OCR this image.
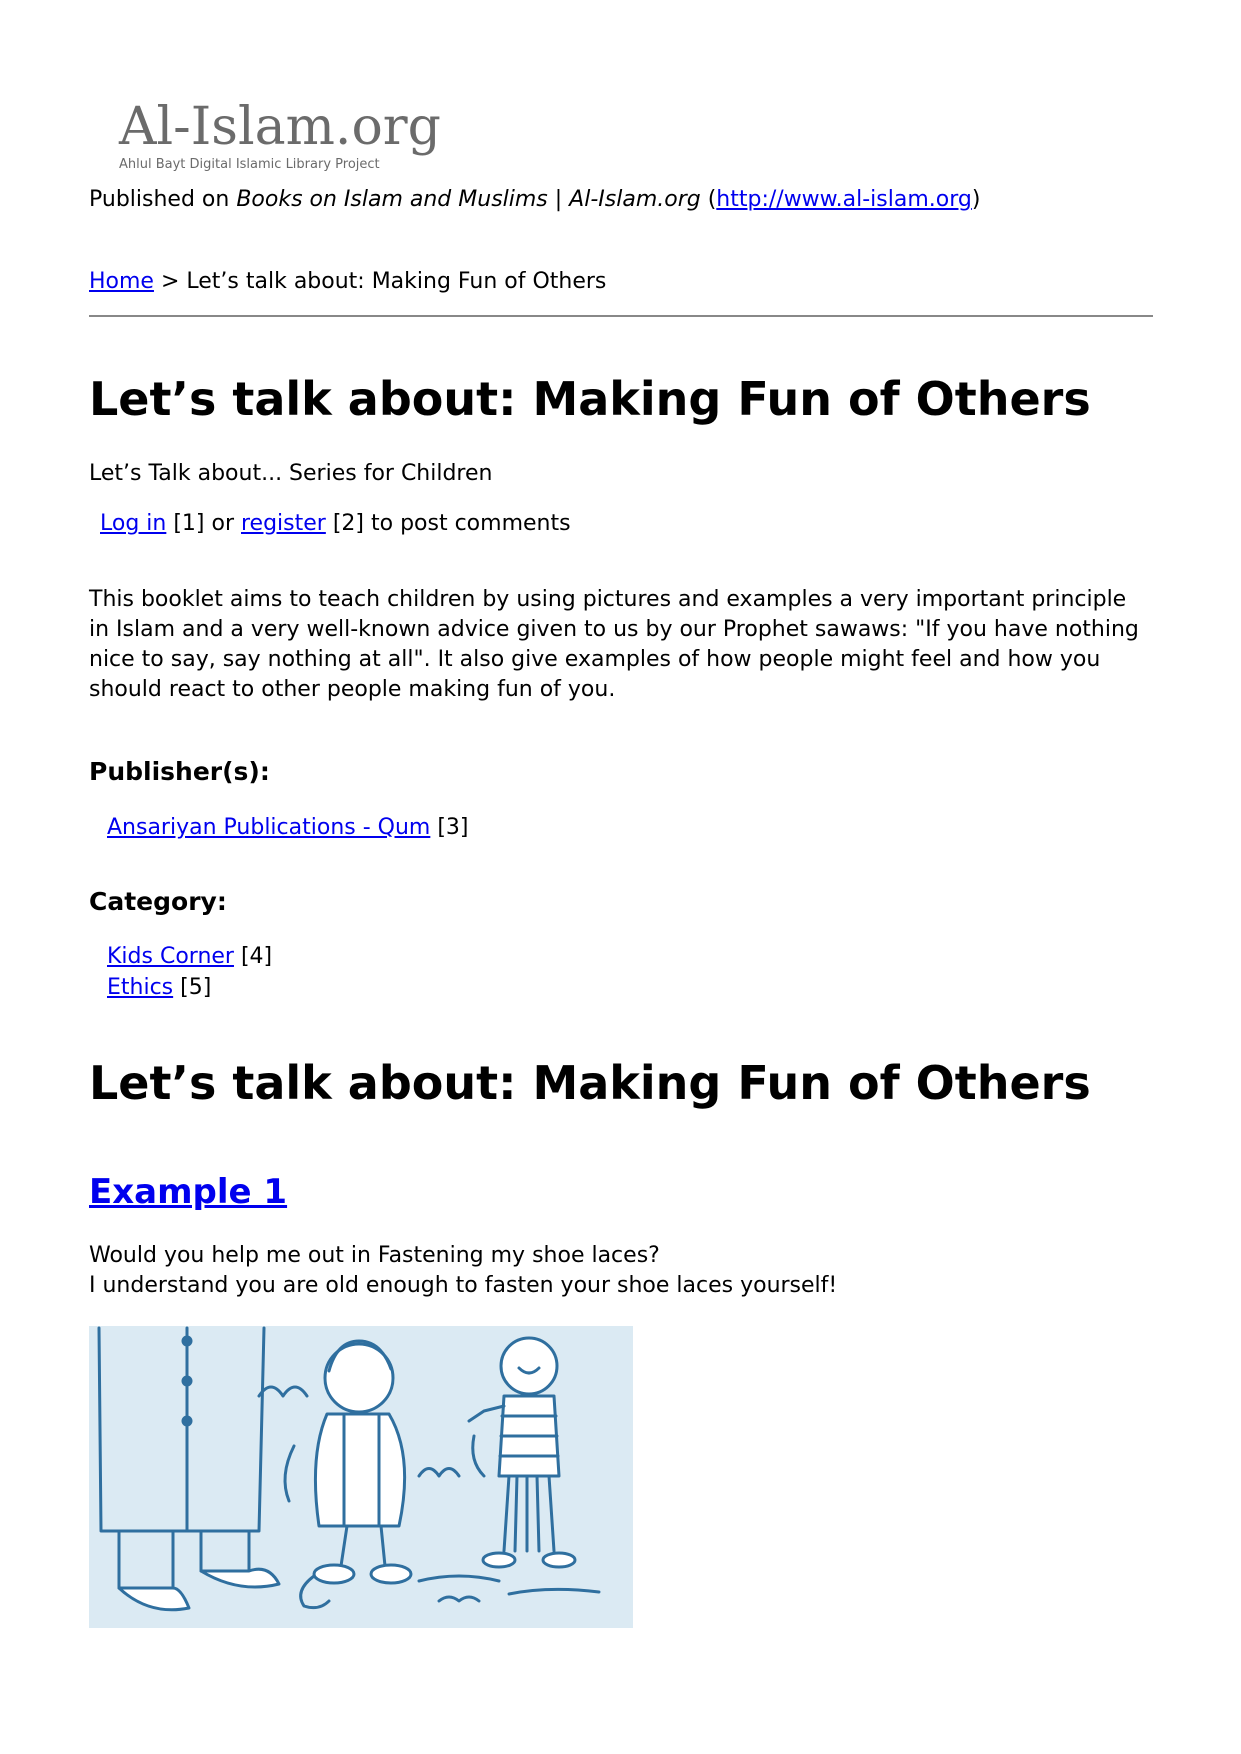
Al-Islam.org
Ahlul Bayt Digital Islamic Library Project
Published on Books on Islam and Muslims | Al-Islam.org (http://www.al-islam.org)
Home > Let’s talk about: Making Fun of Others
Let’s talk about: Making Fun of Others
Let’s Talk about... Series for Children
Log in [1] or register [2] to post comments

This booklet aims to teach children by using pictures and examples a very important principle in Islam and a very well-known advice given to us by our Prophet sawaws: "If you have nothing nice to say, say nothing at all". It also give examples of how people might feel and how you should react to other people making fun of you.

Publisher(s):
Ansariyan Publications - Qum [3]
Category:
Kids Corner [4]
Ethics [5]
Let’s talk about: Making Fun of Others
Example 1
Would you help me out in Fastening my shoe laces?
I understand you are old enough to fasten your shoe laces yourself!
